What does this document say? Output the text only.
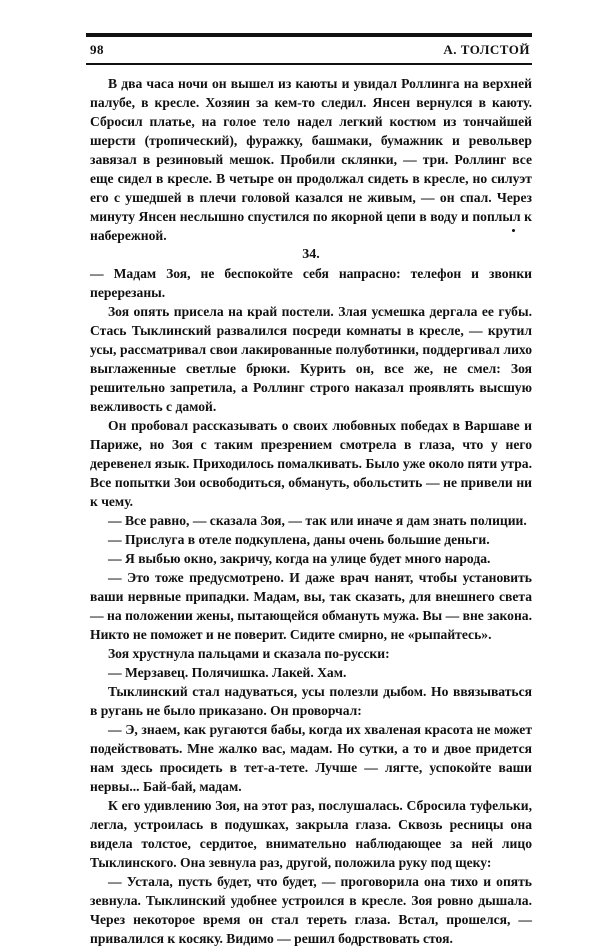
98	А. ТОЛСТОЙ

В два часа ночи он вышел из каюты и увидал Роллинга на верхней палубе, в кресле. Хозяин за кем-то следил. Янсен вернулся в каюту. Сбросил платье, на голое тело надел легкий костюм из тончайшей шерсти (тропический), фуражку, башмаки, бумажник и револьвер завязал в резиновый мешок. Пробили склянки, — три. Роллинг все еще сидел в кресле. В четыре он продолжал сидеть в кресле, но силуэт его с ушедшей в плечи головой казался не живым, — он спал. Через минуту Янсен неслышно спустился по якорной цепи в воду и поплыл к набережной.

34.

— Мадам Зоя, не беспокойте себя напрасно: телефон и звонки перерезаны.

Зоя опять присела на край постели. Злая усмешка дергала ее губы. Стась Тыклинский развалился посреди комнаты в кресле, — крутил усы, рассматривал свои лакированные полуботинки, поддергивал лихо выглаженные светлые брюки. Курить он, все же, не смел: Зоя решительно запретила, а Роллинг строго наказал проявлять высшую вежливость с дамой.

Он пробовал рассказывать о своих любовных победах в Варшаве и Париже, но Зоя с таким презрением смотрела в глаза, что у него деревенел язык. Приходилось помалкивать. Было уже около пяти утра. Все попытки Зои освободиться, обмануть, обольстить — не привели ни к чему.

— Все равно, — сказала Зоя, — так или иначе я дам знать полиции.

— Прислуга в отеле подкуплена, даны очень большие деньги.

— Я выбью окно, закричу, когда на улице будет много народа.

— Это тоже предусмотрено. И даже врач нанят, чтобы установить ваши нервные припадки. Мадам, вы, так сказать, для внешнего света — на положении жены, пытающейся обмануть мужа. Вы — вне закона. Никто не поможет и не поверит. Сидите смирно, не «рыпайтесь».

Зоя хрустнула пальцами и сказала по-русски:

— Мерзавец. Полячишка. Лакей. Хам.

Тыклинский стал надуваться, усы полезли дыбом. Но ввязываться в ругань не было приказано. Он проворчал:

— Э, знаем, как ругаются бабы, когда их хваленая красота не может подействовать. Мне жалко вас, мадам. Но сутки, а то и двое придется нам здесь просидеть в тет-а-тете. Лучше — лягте, успокойте ваши нервы... Бай-бай, мадам.

К его удивлению Зоя, на этот раз, послушалась. Сбросила туфельки, легла, устроилась в подушках, закрыла глаза. Сквозь ресницы она видела толстое, сердитое, внимательно наблюдающее за ней лицо Тыклинского. Она зевнула раз, другой, положила руку под щеку:

— Устала, пусть будет, что будет, — проговорила она тихо и опять зевнула. Тыклинский удобнее устроился в кресле. Зоя ровно дышала. Через некоторое время он стал тереть глаза. Встал, прошелся, — привалился к косяку. Видимо — решил бодрствовать стоя.
